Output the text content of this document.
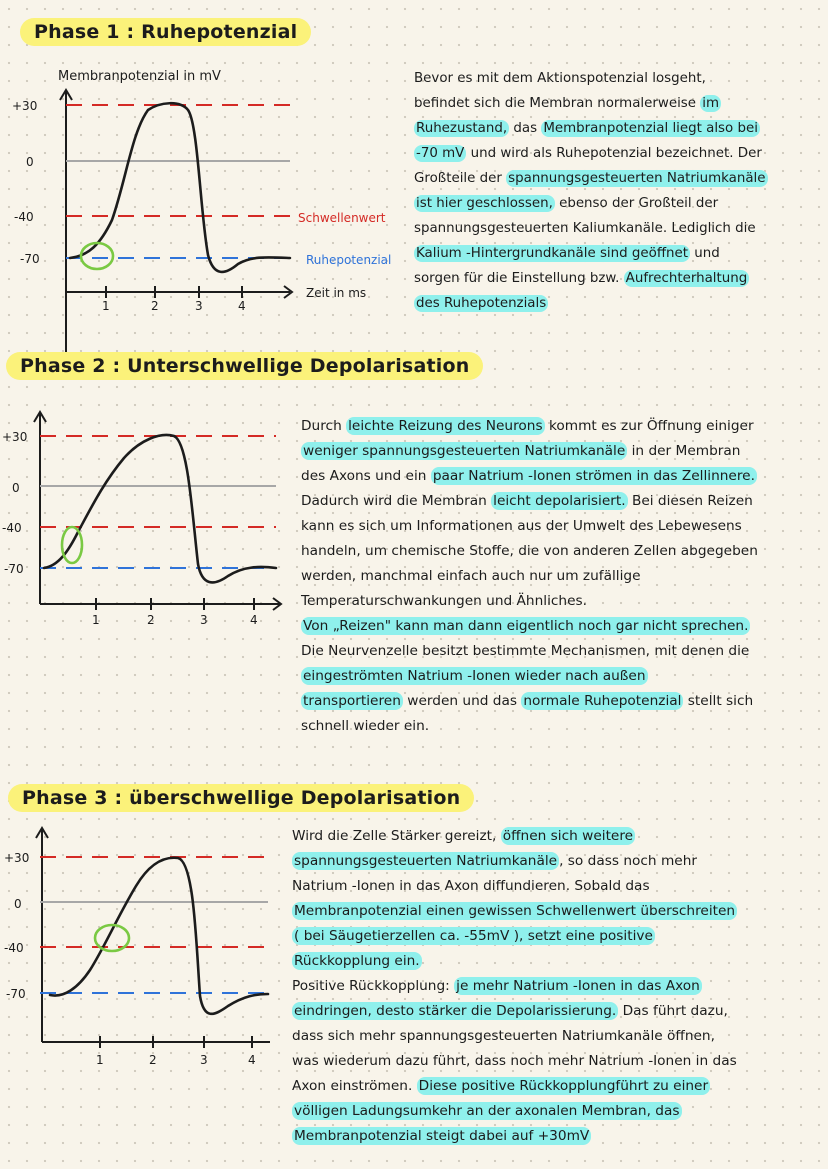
Phase 1 : Ruhepotenzial
Membranpotenzial in mV
+30
0
-40
-70
1	2	3	4
Schwellenwert
Ruhepotenzial
Zeit in ms
Bevor es mit dem Aktionspotenzial losgeht,
befindet sich die Membran normalerweise im
Ruhezustand, das Membranpotenzial liegt also bei
-70 mV und wird als Ruhepotenzial bezeichnet. Der
Großteile der spannungsgesteuerten Natriumkanäle
ist hier geschlossen, ebenso der Großteil der
spannungsgesteuerten Kaliumkanäle. Lediglich die
Kalium -Hintergrundkanäle sind geöffnet und
sorgen für die Einstellung bzw. Aufrechterhaltung
des Ruhepotenzials
Phase 2 : Unterschwellige Depolarisation
+30
0
-40
-70
1	2	3	4
Durch leichte Reizung des Neurons kommt es zur Öffnung einiger
weniger spannungsgesteuerten Natriumkanäle in der Membran
des Axons und ein paar Natrium -Ionen strömen in das Zellinnere.
Dadurch wird die Membran leicht depolarisiert. Bei diesen Reizen
kann es sich um Informationen aus der Umwelt des Lebewesens
handeln, um chemische Stoffe, die von anderen Zellen abgegeben
werden, manchmal einfach auch nur um zufällige
Temperaturschwankungen und Ähnliches.
Von „Reizen" kann man dann eigentlich noch gar nicht sprechen.
Die Neurvenzelle besitzt bestimmte Mechanismen, mit denen die
eingeströmten Natrium -Ionen wieder nach außen
transportieren werden und das normale Ruhepotenzial stellt sich
schnell wieder ein.
Phase 3 : überschwellige Depolarisation
+30
0
-40
-70
1	2	3	4
Wird die Zelle Stärker gereizt, öffnen sich weitere
spannungsgesteuerten Natriumkanäle , so dass noch mehr
Natrium -Ionen in das Axon diffundieren. Sobald das
Membranpotenzial einen gewissen Schwellenwert überschreiten
( bei Säugetierzellen ca. -55mV ), setzt eine positive
Rückkopplung ein.
Positive Rückkopplung: je mehr Natrium -Ionen in das Axon
eindringen, desto stärker die Depolarissierung. Das führt dazu,
dass sich mehr spannungsgesteuerten Natriumkanäle öffnen,
was wiederum dazu führt, dass noch mehr Natrium -Ionen in das
Axon einströmen. Diese positive Rückkopplungführt zu einer
völligen Ladungsumkehr an der axonalen Membran, das
Membranpotenzial steigt dabei auf +30mV
